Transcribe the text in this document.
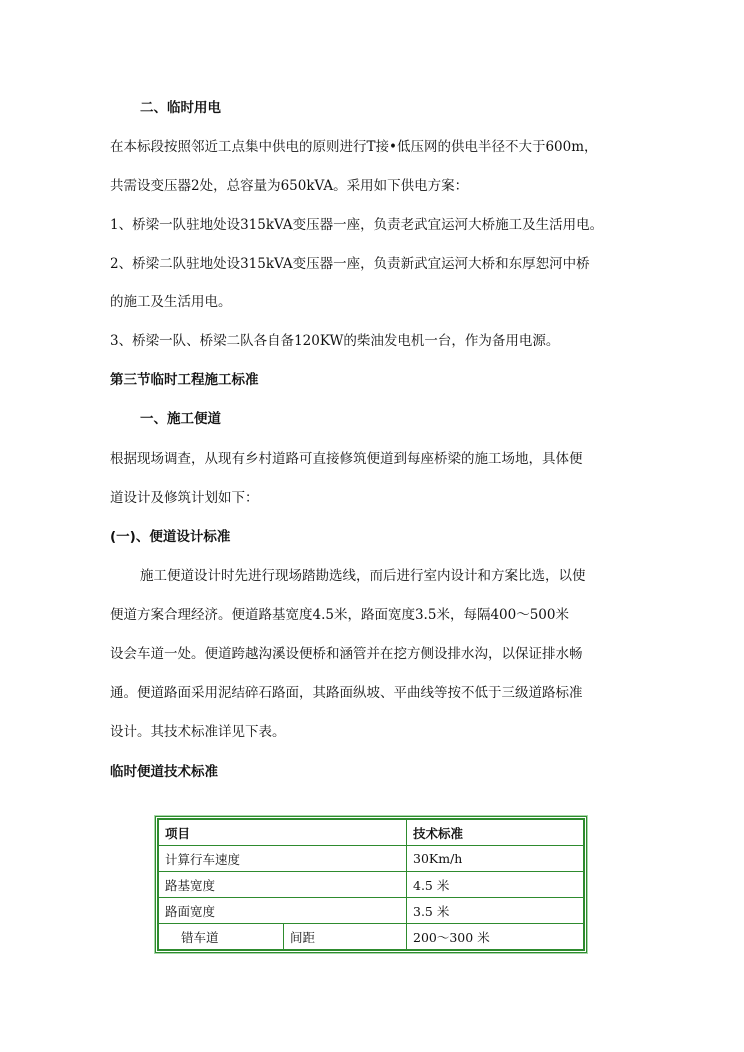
二、临时用电
在本标段按照邻近工点集中供电的原则进行T接•低压网的供电半径不大于600m，
共需设变压器2处，总容量为650kVA。采用如下供电方案：
1、桥梁一队驻地处设315kVA变压器一座，负责老武宜运河大桥施工及生活用电。
2、桥梁二队驻地处设315kVA变压器一座，负责新武宜运河大桥和东厚恕河中桥
的施工及生活用电。
3、桥梁一队、桥梁二队各自备120KW的柴油发电机一台，作为备用电源。
第三节临时工程施工标准
一、施工便道
根据现场调查，从现有乡村道路可直接修筑便道到每座桥梁的施工场地，具体便
道设计及修筑计划如下：
(一)、便道设计标准
施工便道设计时先进行现场踏勘选线，而后进行室内设计和方案比选，以使
便道方案合理经济。便道路基宽度4.5米，路面宽度3.5米，每隔400～500米
设会车道一处。便道跨越沟溪设便桥和涵管并在挖方侧设排水沟，以保证排水畅
通。便道路面采用泥结碎石路面，其路面纵坡、平曲线等按不低于三级道路标准
设计。其技术标准详见下表。
临时便道技术标准
项目		技术标准
计算行车速度		30Km/h
路基宽度		4.5 米
路面宽度		3.5 米
错车道	间距	200～300 米
